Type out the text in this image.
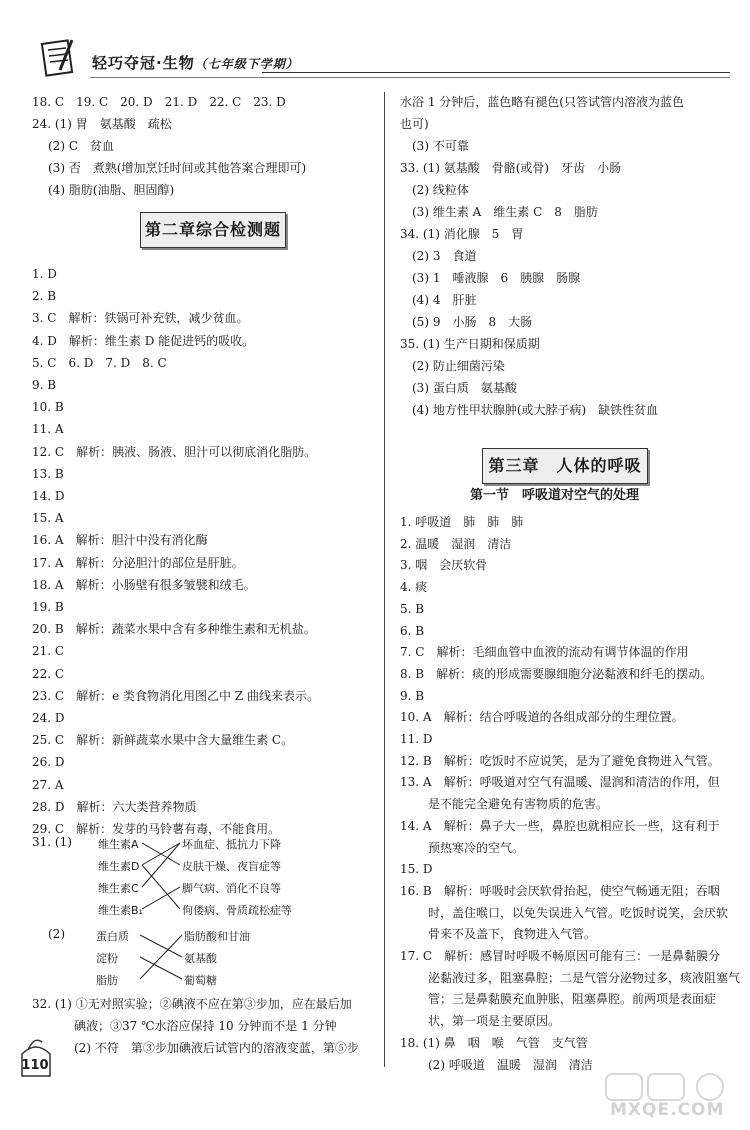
轻巧夺冠·生物（七年级下学期）
18. C　19. C　20. D　21. D　22. C　23. D
24. (1) 胃　氨基酸　疏松
(2) C　贫血
(3) 否　煮熟(增加烹饪时间或其他答案合理即可)
(4) 脂肪(油脂、胆固醇)
第二章综合检测题
1. D
2. B
3. C　解析：铁锅可补充铁，减少贫血。
4. D　解析：维生素 D 能促进钙的吸收。
5. C　6. D　7. D　8. C
9. B
10. B
11. A
12. C　解析：胰液、肠液、胆汁可以彻底消化脂肪。
13. B
14. D
15. A
16. A　解析：胆汁中没有消化酶
17. A　解析：分泌胆汁的部位是肝脏。
18. A　解析：小肠壁有很多皱襞和绒毛。
19. B
20. B　解析：蔬菜水果中含有多种维生素和无机盐。
21. C
22. C
23. C　解析：e 类食物消化用图乙中 Z 曲线来表示。
24. D
25. C　解析：新鲜蔬菜水果中含大量维生素 C。
26. D
27. A
28. D　解析：六大类营养物质
29. C　解析：发芽的马铃薯有毒，不能食用。
31. (1) 维生素A
维生素D
维生素C
维生素B₁
坏血症、抵抗力下降
皮肤干燥、夜盲症等
脚气病、消化不良等
佝偻病、骨质疏松症等
(2)	蛋白质
淀粉
脂肪
脂肪酸和甘油
氨基酸
葡萄糖
32. (1) ①无对照实验；②碘液不应在第③步加，应在最后加
碘液；③37 ℃水浴应保持 10 分钟而不是 1 分钟
(2) 不符　第③步加碘液后试管内的溶液变蓝，第⑤步
水浴 1 分钟后，蓝色略有褪色(只答试管内溶液为蓝色
也可)
(3) 不可靠
33. (1) 氨基酸　骨骼(或骨)　牙齿　小肠
(2) 线粒体
(3) 维生素 A　维生素 C　8　脂肪
34. (1) 消化腺　5　胃
(2) 3　食道
(3) 1　唾液腺　6　胰腺　肠腺
(4) 4　肝脏
(5) 9　小肠　8　大肠
35. (1) 生产日期和保质期
(2) 防止细菌污染
(3) 蛋白质　氨基酸
(4) 地方性甲状腺肿(或大脖子病)　缺铁性贫血
第三章　人体的呼吸
第一节　呼吸道对空气的处理
1. 呼吸道　肺　肺　肺
2. 温暖　湿润　清洁
3. 咽　会厌软骨
4. 痰
5. B
6. B
7. C　解析：毛细血管中血液的流动有调节体温的作用
8. B　解析：痰的形成需要腺细胞分泌黏液和纤毛的摆动。
9. B
10. A　解析：结合呼吸道的各组成部分的生理位置。
11. D
12. B　解析：吃饭时不应说笑，是为了避免食物进入气管。
13. A　解析：呼吸道对空气有温暖、湿润和清洁的作用，但
是不能完全避免有害物质的危害。
14. A　解析：鼻子大一些，鼻腔也就相应长一些，这有利于
预热寒冷的空气。
15. D
16. B　解析：呼吸时会厌软骨抬起，使空气畅通无阻；吞咽
时，盖住喉口，以免失误进入气管。吃饭时说笑，会厌软
骨来不及盖下，食物进入气管。
17. C　解析：感冒时呼吸不畅原因可能有三：一是鼻黏膜分
泌黏液过多，阻塞鼻腔；二是气管分泌物过多，痰液阻塞气
管；三是鼻黏膜充血肿胀，阻塞鼻腔。前两项是表面症
状，第一项是主要原因。
18. (1) 鼻　咽　喉　气管　支气管
(2) 呼吸道　温暖　湿润　清洁
110
MXQE.COM
